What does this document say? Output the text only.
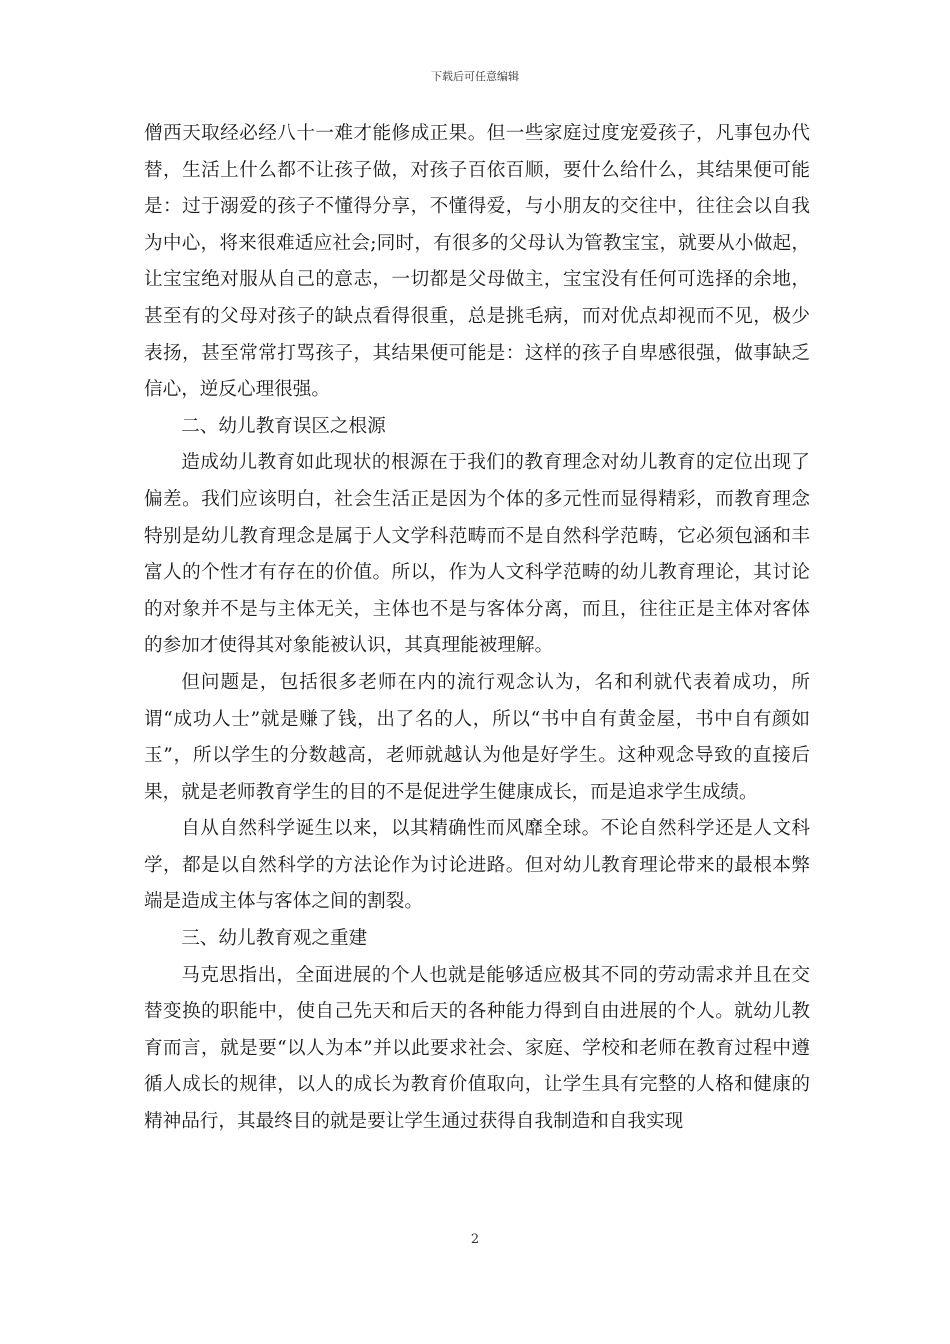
下载后可任意编辑

僧西天取经必经八十一难才能修成正果。但一些家庭过度宠爱孩子，凡事包办代替，生活上什么都不让孩子做，对孩子百依百顺，要什么给什么，其结果便可能是：过于溺爱的孩子不懂得分享，不懂得爱，与小朋友的交往中，往往会以自我为中心，将来很难适应社会;同时，有很多的父母认为管教宝宝，就要从小做起，让宝宝绝对服从自己的意志，一切都是父母做主，宝宝没有任何可选择的余地，甚至有的父母对孩子的缺点看得很重，总是挑毛病，而对优点却视而不见，极少表扬，甚至常常打骂孩子，其结果便可能是：这样的孩子自卑感很强，做事缺乏信心，逆反心理很强。

二、幼儿教育误区之根源

造成幼儿教育如此现状的根源在于我们的教育理念对幼儿教育的定位出现了偏差。我们应该明白，社会生活正是因为个体的多元性而显得精彩，而教育理念特别是幼儿教育理念是属于人文学科范畴而不是自然科学范畴，它必须包涵和丰富人的个性才有存在的价值。所以，作为人文科学范畴的幼儿教育理论，其讨论的对象并不是与主体无关，主体也不是与客体分离，而且，往往正是主体对客体的参加才使得其对象能被认识，其真理能被理解。

但问题是，包括很多老师在内的流行观念认为，名和利就代表着成功，所谓“成功人士”就是赚了钱，出了名的人，所以“书中自有黄金屋，书中自有颜如玉”，所以学生的分数越高，老师就越认为他是好学生。这种观念导致的直接后果，就是老师教育学生的目的不是促进学生健康成长，而是追求学生成绩。

自从自然科学诞生以来，以其精确性而风靡全球。不论自然科学还是人文科学，都是以自然科学的方法论作为讨论进路。但对幼儿教育理论带来的最根本弊端是造成主体与客体之间的割裂。

三、幼儿教育观之重建

马克思指出，全面进展的个人也就是能够适应极其不同的劳动需求并且在交替变换的职能中，使自己先天和后天的各种能力得到自由进展的个人。就幼儿教育而言，就是要“以人为本”并以此要求社会、家庭、学校和老师在教育过程中遵循人成长的规律，以人的成长为教育价值取向，让学生具有完整的人格和健康的精神品行，其最终目的就是要让学生通过获得自我制造和自我实现

2
